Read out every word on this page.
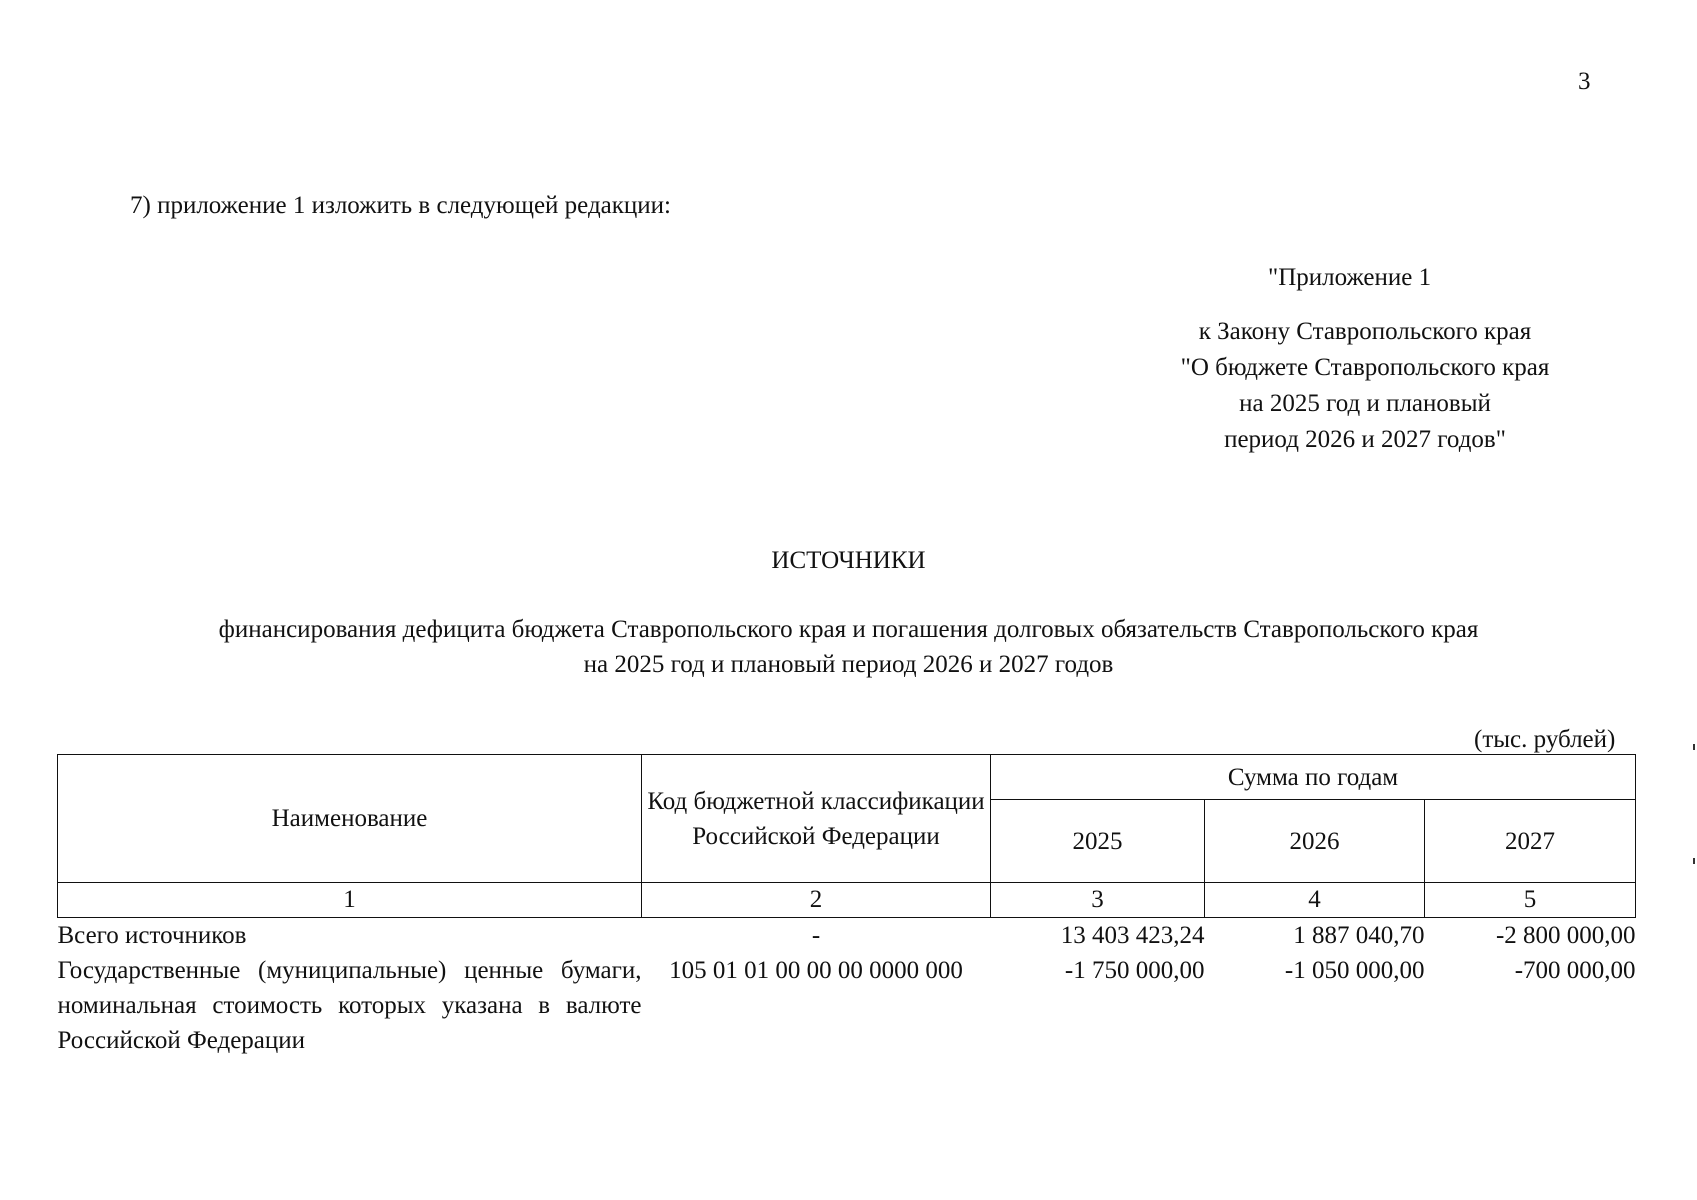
3
7) приложение 1 изложить в следующей редакции:
"Приложение 1
к Закону Ставропольского края
"О бюджете Ставропольского края
на 2025 год и плановый
период 2026 и 2027 годов"
ИСТОЧНИКИ
финансирования дефицита бюджета Ставропольского края и погашения долговых обязательств Ставропольского края
на 2025 год и плановый период 2026 и 2027 годов
(тыс. рублей)
Наименование	Код бюджетной классификации Российской Федерации	Сумма по годам		
		2025	2026	2027
1	2	3	4	5
Всего источников	-	13 403 423,24	1 887 040,70	-2 800 000,00
Государственные (муниципальные) ценные бумаги, номинальная стоимость которых указана в валюте Российской Федерации	105 01 01 00 00 00 0000 000	-1 750 000,00	-1 050 000,00	-700 000,00
